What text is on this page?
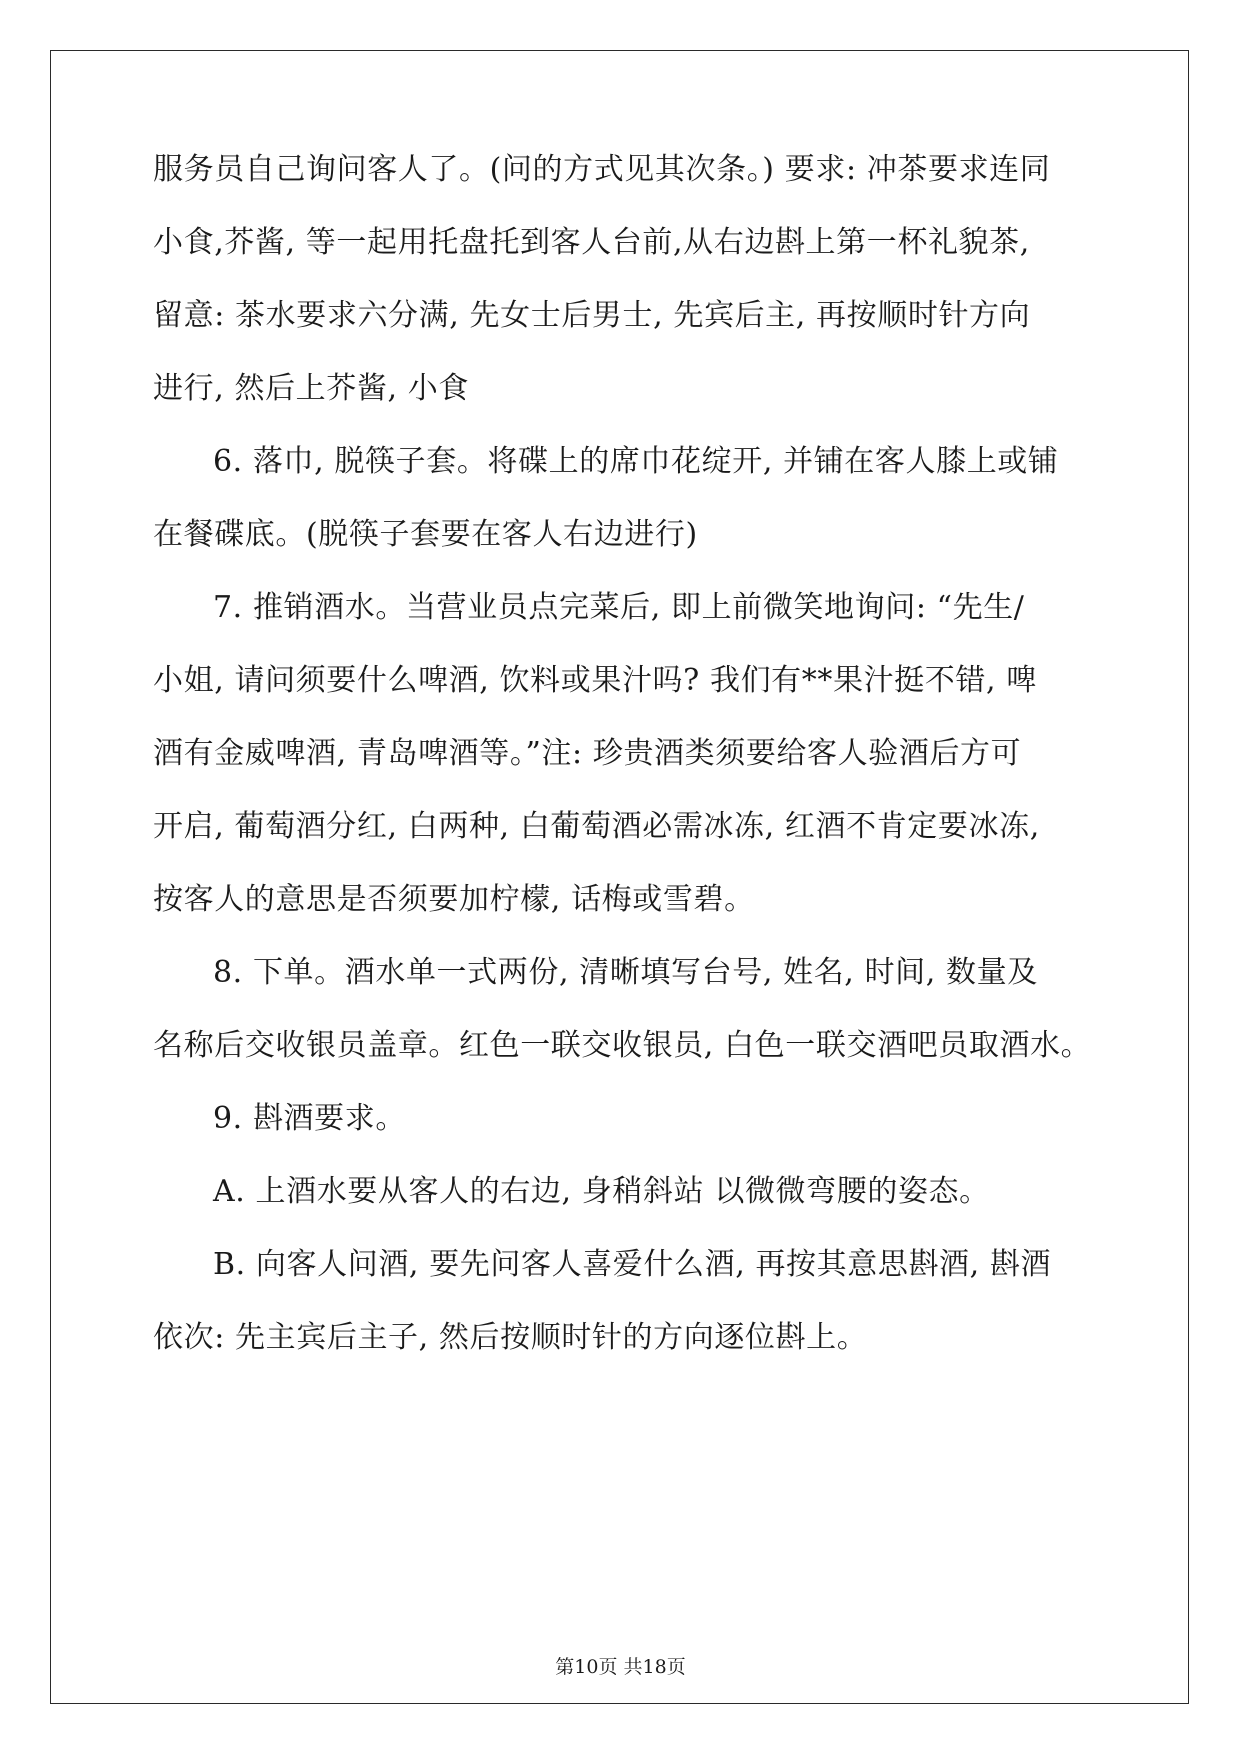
服务员自己询问客人了。(问的方式见其次条。) 要求: 冲茶要求连同
小食,芥酱, 等一起用托盘托到客人台前,从右边斟上第一杯礼貌茶,
留意: 茶水要求六分满, 先女士后男士, 先宾后主, 再按顺时针方向
进行, 然后上芥酱, 小食
6. 落巾, 脱筷子套。将碟上的席巾花绽开, 并铺在客人膝上或铺
在餐碟底。(脱筷子套要在客人右边进行)
7. 推销酒水。当营业员点完菜后, 即上前微笑地询问: “先生/
小姐, 请问须要什么啤酒, 饮料或果汁吗? 我们有**果汁挺不错, 啤
酒有金威啤酒, 青岛啤酒等。”注: 珍贵酒类须要给客人验酒后方可
开启, 葡萄酒分红, 白两种, 白葡萄酒必需冰冻, 红酒不肯定要冰冻,
按客人的意思是否须要加柠檬, 话梅或雪碧。
8. 下单。酒水单一式两份, 清晰填写台号, 姓名, 时间, 数量及
名称后交收银员盖章。红色一联交收银员, 白色一联交酒吧员取酒水。
9. 斟酒要求。
A. 上酒水要从客人的右边, 身稍斜站 以微微弯腰的姿态。
B. 向客人问酒, 要先问客人喜爱什么酒, 再按其意思斟酒, 斟酒
依次: 先主宾后主子, 然后按顺时针的方向逐位斟上。
第10页 共18页
